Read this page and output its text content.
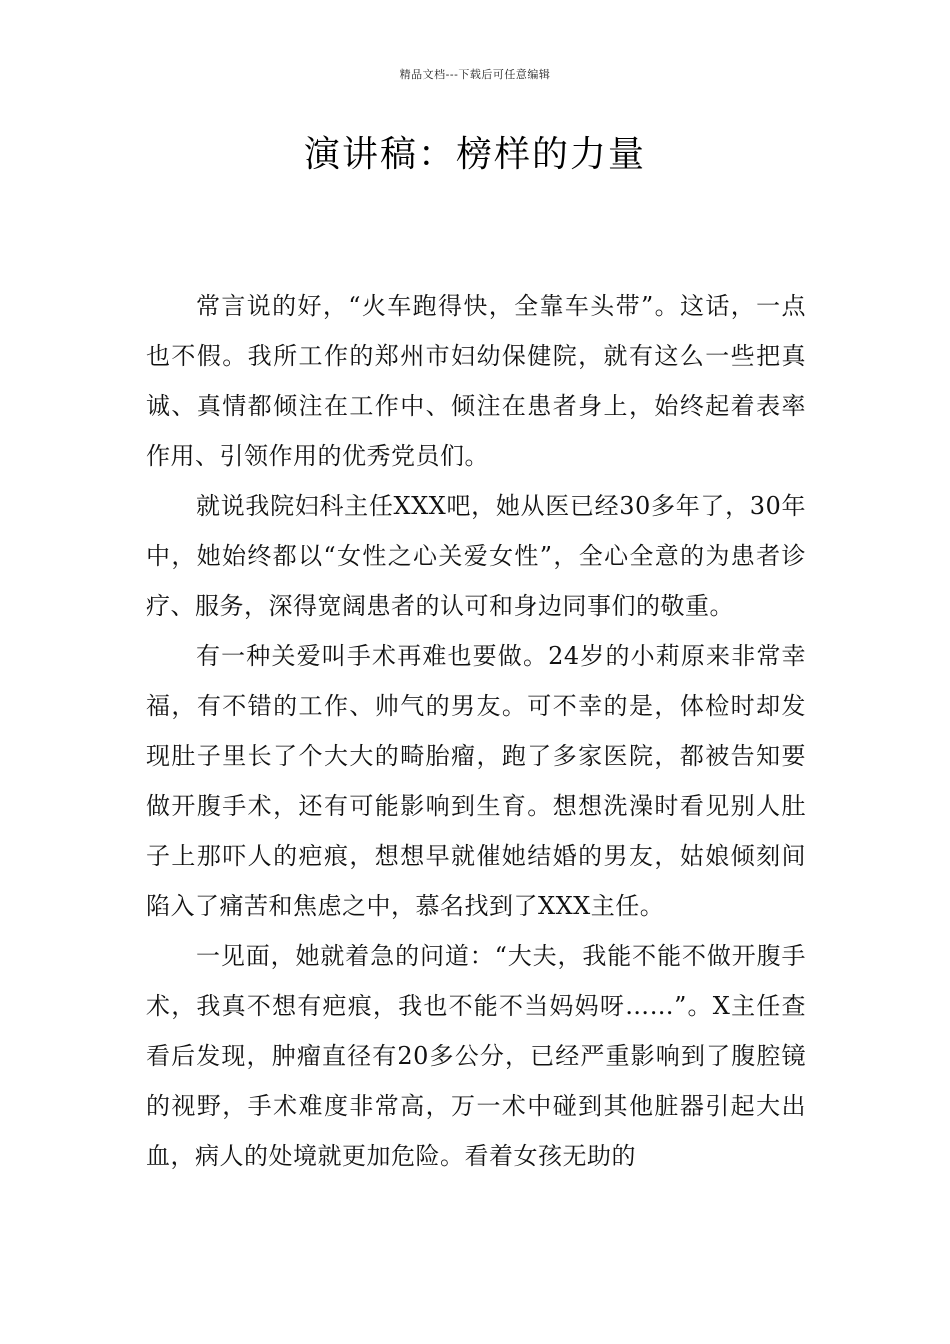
精品文档---下载后可任意编辑
演讲稿：榜样的力量

常言说的好，“火车跑得快，全靠车头带”。这话，一点也不假。我所工作的郑州市妇幼保健院，就有这么一些把真诚、真情都倾注在工作中、倾注在患者身上，始终起着表率作用、引领作用的优秀党员们。

就说我院妇科主任XXX吧，她从医已经30多年了，30年中，她始终都以“女性之心关爱女性”，全心全意的为患者诊疗、服务，深得宽阔患者的认可和身边同事们的敬重。

有一种关爱叫手术再难也要做。24岁的小莉原来非常幸福，有不错的工作、帅气的男友。可不幸的是，体检时却发现肚子里长了个大大的畸胎瘤，跑了多家医院，都被告知要做开腹手术，还有可能影响到生育。想想洗澡时看见别人肚子上那吓人的疤痕，想想早就催她结婚的男友，姑娘倾刻间陷入了痛苦和焦虑之中，慕名找到了XXX主任。

一见面，她就着急的问道：“大夫，我能不能不做开腹手术，我真不想有疤痕，我也不能不当妈妈呀……”。X主任查看后发现，肿瘤直径有20多公分，已经严重影响到了腹腔镜的视野，手术难度非常高，万一术中碰到其他脏器引起大出血，病人的处境就更加危险。看着女孩无助的
